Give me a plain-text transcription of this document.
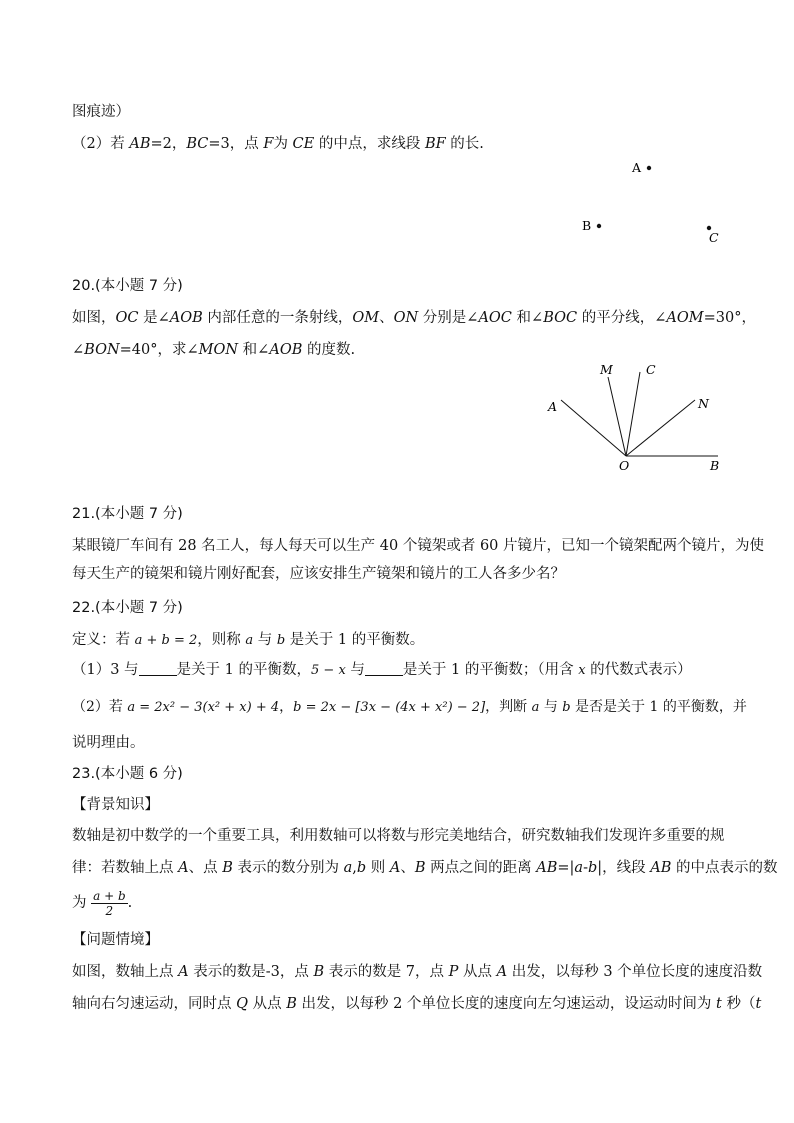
图痕迹）
（2）若 AB=2，BC=3，点 F为 CE 的中点，求线段 BF 的长.
A
B
C
20.(本小题 7 分)
如图，OC 是∠AOB 内部任意的一条射线，OM、ON 分别是∠AOC 和∠BOC 的平分线，∠AOM=30°，
∠BON=40°，求∠MON 和∠AOB 的度数.
M	C
A	N
O	B
21.(本小题 7 分)
某眼镜厂车间有 28 名工人，每人每天可以生产 40 个镜架或者 60 片镜片，已知一个镜架配两个镜片，为使
每天生产的镜架和镜片刚好配套，应该安排生产镜架和镜片的工人各多少名？
22.(本小题 7 分)
定义：若 a + b = 2，则称 a 与 b 是关于 1 的平衡数。
（1）3 与	是关于 1 的平衡数，5 − x 与	是关于 1 的平衡数；（用含 x 的代数式表示）
（2）若 a = 2x² − 3(x² + x) + 4，b = 2x − [3x − (4x + x²) − 2]，判断 a 与 b 是否是关于 1 的平衡数，并
说明理由。
23.(本小题 6 分)
【背景知识】
数轴是初中数学的一个重要工具，利用数轴可以将数与形完美地结合，研究数轴我们发现许多重要的规
律：若数轴上点 A、点 B 表示的数分别为 a,b 则 A、B 两点之间的距离 AB=|a-b|，线段 AB 的中点表示的数
为 $\frac{a + b}{2}$ .
【问题情境】
如图，数轴上点 A 表示的数是-3，点 B 表示的数是 7，点 P 从点 A 出发，以每秒 3 个单位长度的速度沿数
轴向右匀速运动，同时点 Q 从点 B 出发，以每秒 2 个单位长度的速度向左匀速运动，设运动时间为 t 秒（t
